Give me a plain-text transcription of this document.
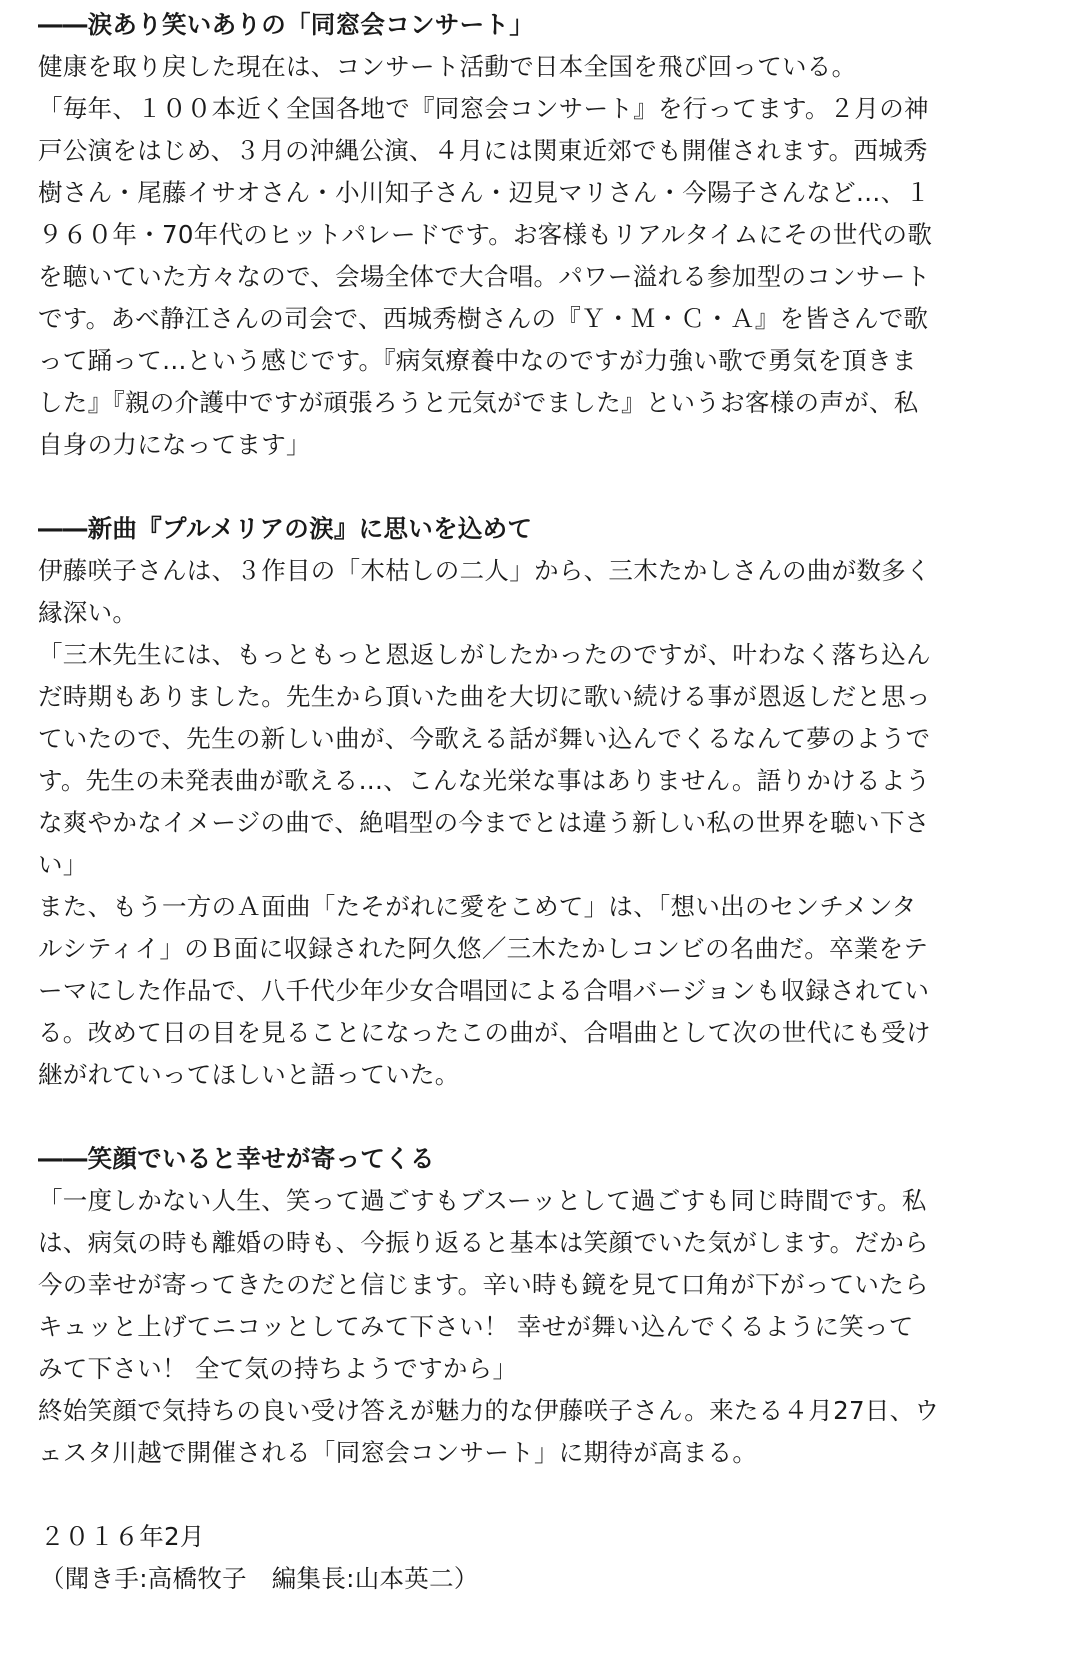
――涙あり笑いありの「同窓会コンサート」
健康を取り戻した現在は、コンサート活動で日本全国を飛び回っている。
「毎年、１００本近く全国各地で『同窓会コンサート』を行ってます。２月の神
戸公演をはじめ、３月の沖縄公演、４月には関東近郊でも開催されます。西城秀
樹さん・尾藤イサオさん・小川知子さん・辺見マリさん・今陽子さんなど…、１
９６０年・70年代のヒットパレードです。お客様もリアルタイムにその世代の歌
を聴いていた方々なので、会場全体で大合唱。パワー溢れる参加型のコンサート
です。あべ静江さんの司会で、西城秀樹さんの『Ｙ・Ｍ・Ｃ・Ａ』を皆さんで歌
って踊って…という感じです。『病気療養中なのですが力強い歌で勇気を頂きま
した』『親の介護中ですが頑張ろうと元気がでました』というお客様の声が、私
自身の力になってます」
――新曲『プルメリアの涙』に思いを込めて
伊藤咲子さんは、３作目の「木枯しの二人」から、三木たかしさんの曲が数多く
縁深い。
「三木先生には、もっともっと恩返しがしたかったのですが、叶わなく落ち込ん
だ時期もありました。先生から頂いた曲を大切に歌い続ける事が恩返しだと思っ
ていたので、先生の新しい曲が、今歌える話が舞い込んでくるなんて夢のようで
す。先生の未発表曲が歌える…、こんな光栄な事はありません。語りかけるよう
な爽やかなイメージの曲で、絶唱型の今までとは違う新しい私の世界を聴い下さ
い」
また、もう一方のＡ面曲「たそがれに愛をこめて」は、「想い出のセンチメンタ
ルシティイ」のＢ面に収録された阿久悠／三木たかしコンビの名曲だ。卒業をテ
ーマにした作品で、八千代少年少女合唱団による合唱バージョンも収録されてい
る。改めて日の目を見ることになったこの曲が、合唱曲として次の世代にも受け
継がれていってほしいと語っていた。
――笑顔でいると幸せが寄ってくる
「一度しかない人生、笑って過ごすもブスーッとして過ごすも同じ時間です。私
は、病気の時も離婚の時も、今振り返ると基本は笑顔でいた気がします。だから
今の幸せが寄ってきたのだと信じます。辛い時も鏡を見て口角が下がっていたら
キュッと上げてニコッとしてみて下さい！ 幸せが舞い込んでくるように笑って
みて下さい！ 全て気の持ちようですから」
終始笑顔で気持ちの良い受け答えが魅力的な伊藤咲子さん。来たる４月27日、ウ
ェスタ川越で開催される「同窓会コンサート」に期待が高まる。
２０１６年2月
（聞き手:高橋牧子　編集長:山本英二）
